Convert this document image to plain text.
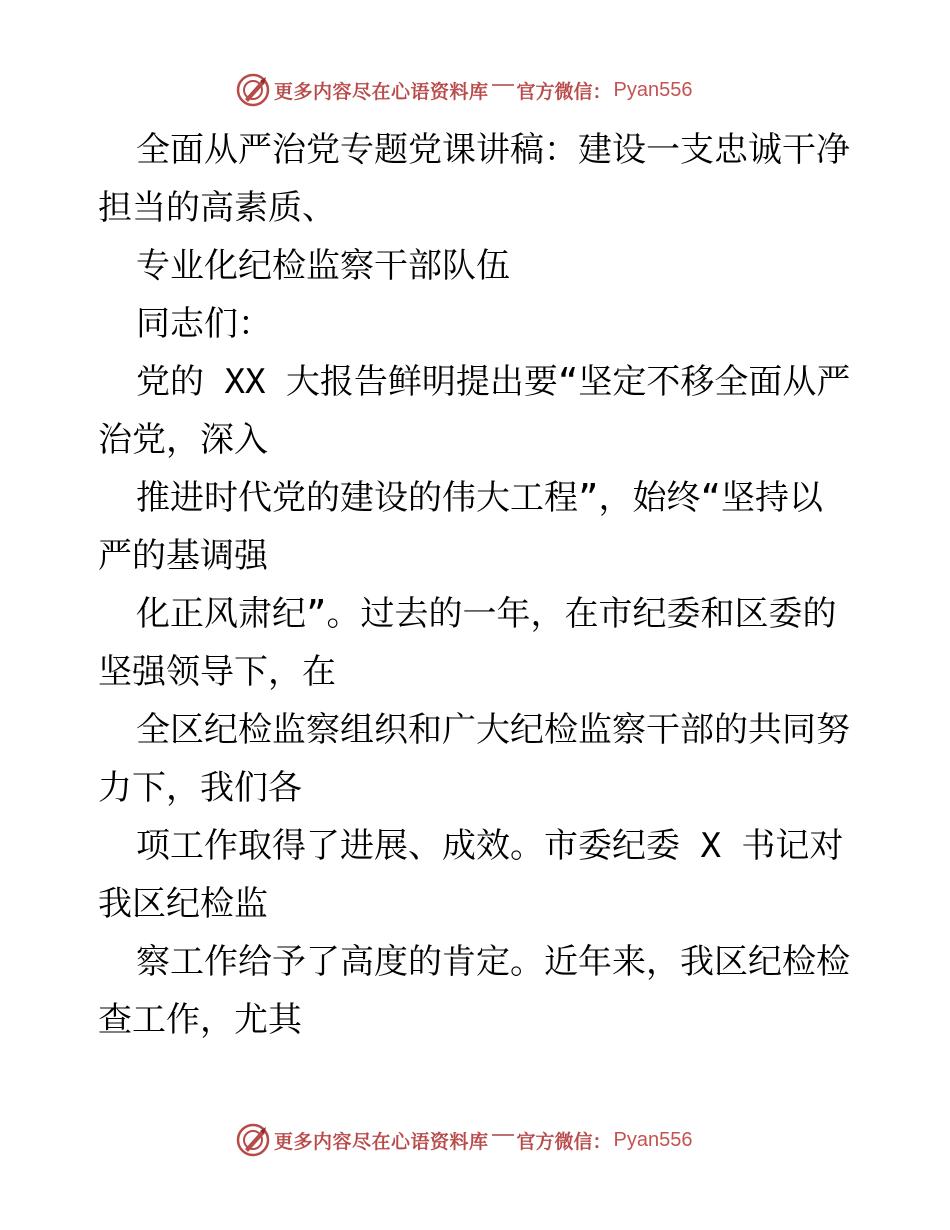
更多内容尽在心语资料库 官方微信： Pyan556
全面从严治党专题党课讲稿：建设一支忠诚干净
担当的高素质、
专业化纪检监察干部队伍
同志们：
党的 XX 大报告鲜明提出要“坚定不移全面从严
治党，深入
推进时代党的建设的伟大工程”，始终“坚持以
严的基调强
化正风肃纪”。过去的一年，在市纪委和区委的
坚强领导下，在
全区纪检监察组织和广大纪检监察干部的共同努
力下，我们各
项工作取得了进展、成效。市委纪委 X 书记对
我区纪检监
察工作给予了高度的肯定。近年来，我区纪检检
查工作，尤其
更多内容尽在心语资料库 官方微信： Pyan556
